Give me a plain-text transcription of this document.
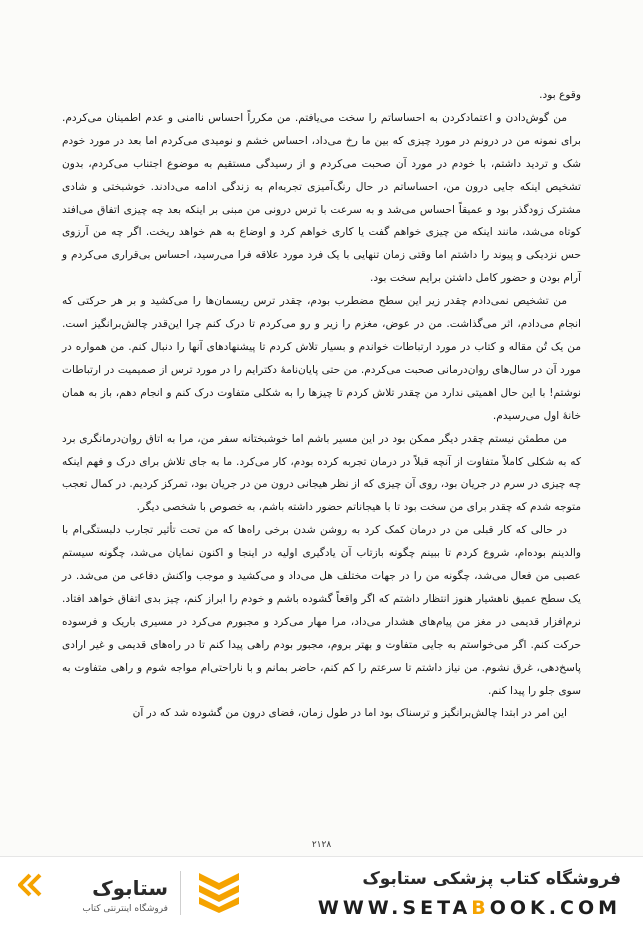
وقوع بود.

من گوش‌دادن و اعتمادکردن به احساساتم را سخت می‌یافتم. من مکرراً احساس ناامنی و عدم اطمینان می‌کردم. برای نمونه من در درونم در مورد چیزی که بین ما رخ می‌داد، احساس خشم و نومیدی می‌کردم اما بعد در مورد خودم شک و تردید داشتم، با خودم در مورد آن صحبت می‌کردم و از رسیدگی مستقیم به موضوع اجتناب می‌کردم، بدون تشخیص اینکه جایی درون من، احساساتم در حال رنگ‌آمیزی تجربه‌ام به زندگی ادامه می‌دادند. خوشبختی و شادی مشترک زودگذر بود و عمیقاً احساس می‌شد و به سرعت با ترس درونی من مبنی بر اینکه بعد چه چیزی اتفاق می‌افتد کوتاه می‌شد، مانند اینکه من چیزی خواهم گفت یا کاری خواهم کرد و اوضاع به هم خواهد ریخت. اگر چه من آرزوی حس نزدیکی و پیوند را داشتم اما وقتی زمان تنهایی با یک فرد مورد علاقه فرا می‌رسید، احساس بی‌قراری می‌کردم و آرام بودن و حضور کامل داشتن برایم سخت بود.

من تشخیص نمی‌دادم چقدر زیر این سطح مضطرب بودم، چقدر ترس ریسمان‌ها را می‌کشید و بر هر حرکتی که انجام می‌دادم، اثر می‌گذاشت. من در عوض، مغزم را زیر و رو می‌کردم تا درک کنم چرا این‌قدر چالش‌برانگیز است. من یک تُن مقاله و کتاب در مورد ارتباطات خواندم و بسیار تلاش کردم تا پیشنهادهای آنها را دنبال کنم. من همواره در مورد آن در سال‌های روان‌درمانی صحبت می‌کردم. من حتی پایان‌نامهٔ دکترایم را در مورد ترس از صمیمیت در ارتباطات نوشتم! با این حال اهمیتی ندارد من چقدر تلاش کردم تا چیزها را به شکلی متفاوت درک کنم و انجام دهم، باز به همان خانهٔ اول می‌رسیدم.

من مطمئن نیستم چقدر دیگر ممکن بود در این مسیر باشم اما خوشبختانه سفر من، مرا به اتاق روان‌درمانگری برد که به شکلی کاملاً متفاوت از آنچه قبلاً در درمان تجربه کرده بودم، کار می‌کرد. ما به جای تلاش برای درک و فهم اینکه چه چیزی در سرم در جریان بود، روی آن چیزی که از نظر هیجانی درون من در جریان بود، تمرکز کردیم. در کمال تعجب متوجه شدم که چقدر برای من سخت بود تا با هیجاناتم حضور داشته باشم، به خصوص با شخصی دیگر.

در حالی که کار قبلی من در درمان کمک کرد به روشن شدن برخی راه‌ها که من تحت تأثیر تجارب دلبستگی‌ام با والدینم بوده‌ام، شروع کردم تا ببینم چگونه بازتاب آن یادگیری اولیه در اینجا و اکنون نمایان می‌شد، چگونه سیستم عصبی من فعال می‌شد، چگونه من را در جهات مختلف هل می‌داد و می‌کشید و موجب واکنش دفاعی من می‌شد. در یک سطح عمیق ناهشیار هنوز انتظار داشتم که اگر واقعاً گشوده باشم و خودم را ابراز کنم، چیز بدی اتفاق خواهد افتاد. نرم‌افزار قدیمی در مغز من پیام‌های هشدار می‌داد، مرا مهار می‌کرد و مجبورم می‌کرد در مسیری باریک و فرسوده حرکت کنم. اگر می‌خواستم به جایی متفاوت و بهتر بروم، مجبور بودم راهی پیدا کنم تا در راه‌های قدیمی و غیر ارادی پاسخ‌دهی، غرق نشوم. من نیاز داشتم تا سرعتم را کم کنم، حاضر بمانم و با ناراحتی‌ام مواجه شوم و راهی متفاوت به سوی جلو را پیدا کنم.

این امر در ابتدا چالش‌برانگیز و ترسناک بود اما در طول زمان، فضای درون من گشوده شد که در آن

۲۱۲۸
فروشگاه کتاب پزشکی ستابوک
WWW.SETABOOK.COM
ستابوک
فروشگاه اینترنتی کتاب
